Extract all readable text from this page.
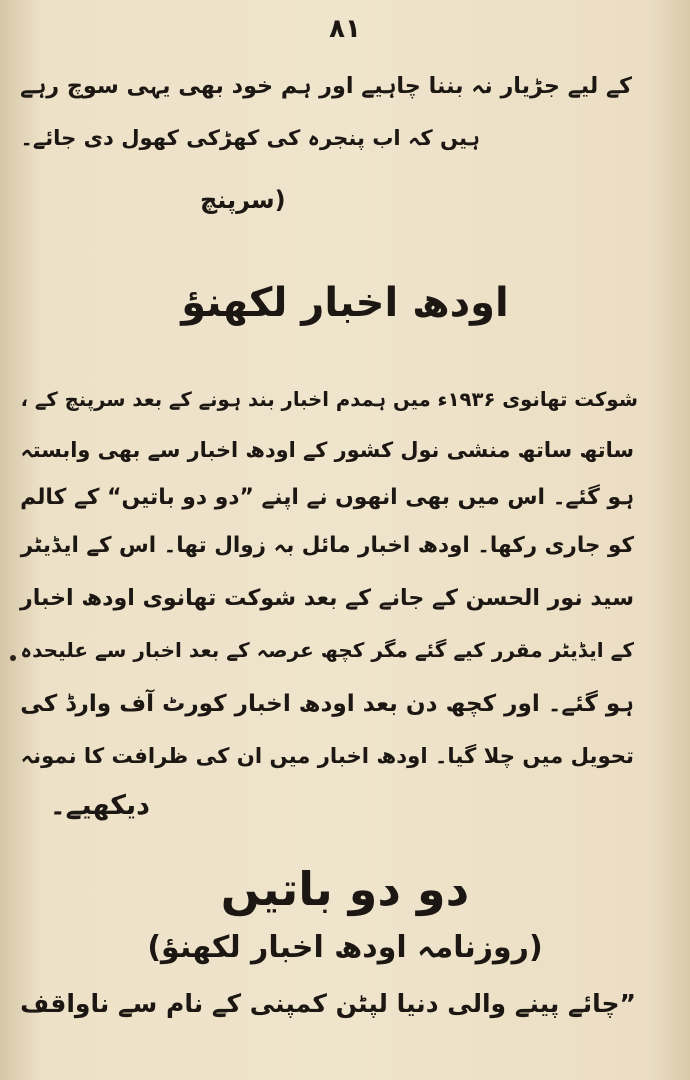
۸۱
کے لیے جڑیار نہ بننا چاہیے اور ہم خود بھی یہی سوچ رہے
ہیں کہ اب پنجرہ کی کھڑکی کھول دی جائے۔
(سرپنچ
اودھ اخبار لکھنؤ
شوکت تھانوی ۱۹۳۶ء میں ہمدم اخبار بند ہونے کے بعد سرپنچ کے ،
ساتھ ساتھ منشی نول کشور کے اودھ اخبار سے بھی وابستہ
ہو گئے۔ اس میں بھی انھوں نے اپنے ”دو دو باتیں“ کے کالم
کو جاری رکھا۔ اودھ اخبار مائل بہ زوال تھا۔ اس کے ایڈیٹر
سید نور الحسن کے جانے کے بعد شوکت تھانوی اودھ اخبار
کے ایڈیٹر مقرر کیے گئے مگر کچھ عرصہ کے بعد اخبار سے علیحدہ
ہو گئے۔ اور کچھ دن بعد اودھ اخبار کورٹ آف وارڈ کی
تحویل میں چلا گیا۔ اودھ اخبار میں ان کی ظرافت کا نمونہ
دیکھیے۔
دو دو باتیں
(روزنامہ اودھ اخبار لکھنؤ)
”چائے پینے والی دنیا لپٹن کمپنی کے نام سے ناواقف
